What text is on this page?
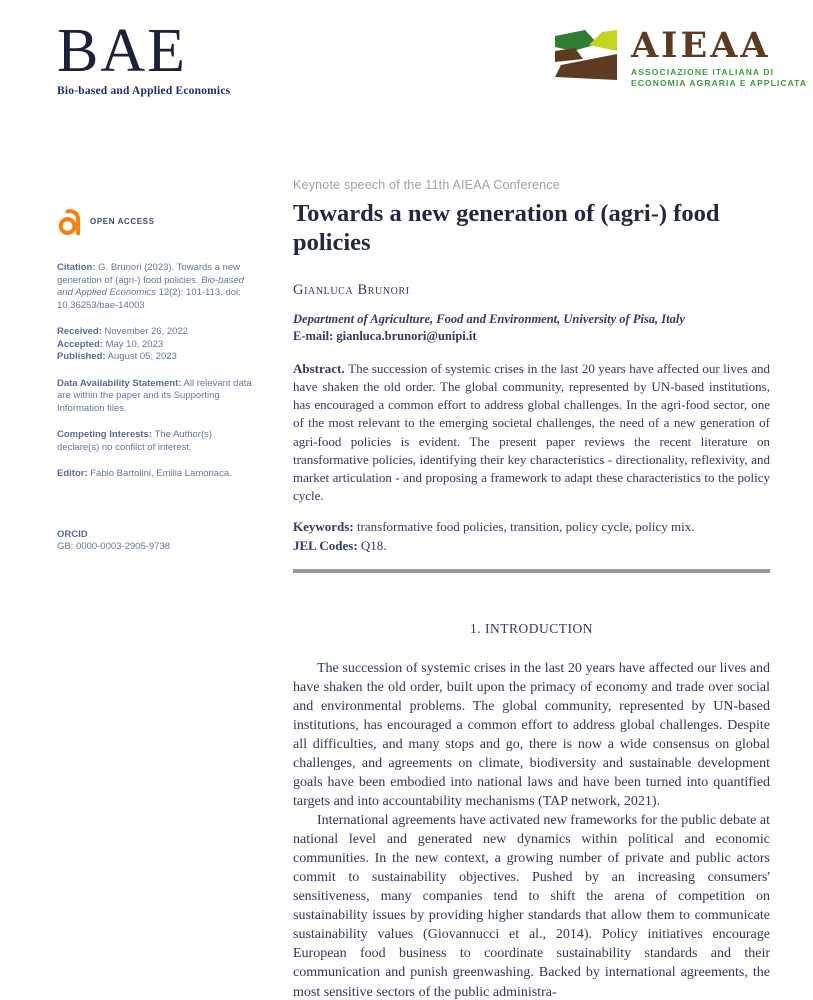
BAE
Bio-based and Applied Economics
AIEAA
ASSOCIAZIONE ITALIANA DI
ECONOMIA AGRARIA E APPLICATA
OPEN ACCESS

Citation: G. Brunori (2023). Towards a new generation of (agri-) food policies. Bio-based and Applied Economics 12(2): 101-113. doi: 10.36253/bae-14003

Received: November 26, 2022
Accepted: May 10, 2023
Published: August 05, 2023

Data Availability Statement: All relevant data are within the paper and its Supporting Information files.

Competing Interests: The Author(s) declare(s) no conflict of interest.

Editor: Fabio Bartolini, Emilia Lamonaca.

ORCID
GB: 0000-0003-2905-9738

Keynote speech of the 11th AIEAA Conference
Towards a new generation of (agri-) food policies
Gianluca Brunori
Department of Agriculture, Food and Environment, University of Pisa, Italy
E-mail: gianluca.brunori@unipi.it

Abstract. The succession of systemic crises in the last 20 years have affected our lives and have shaken the old order. The global community, represented by UN-based institutions, has encouraged a common effort to address global challenges. In the agri-food sector, one of the most relevant to the emerging societal challenges, the need of a new generation of agri-food policies is evident. The present paper reviews the recent literature on transformative policies, identifying their key characteristics - directionality, reflexivity, and market articulation - and proposing a framework to adapt these characteristics to the policy cycle.

Keywords: transformative food policies, transition, policy cycle, policy mix.
JEL Codes: Q18.

1. INTRODUCTION

The succession of systemic crises in the last 20 years have affected our lives and have shaken the old order, built upon the primacy of economy and trade over social and environmental problems. The global community, represented by UN-based institutions, has encouraged a common effort to address global challenges. Despite all difficulties, and many stops and go, there is now a wide consensus on global challenges, and agreements on climate, biodiversity and sustainable development goals have been embodied into national laws and have been turned into quantified targets and into accountability mechanisms (TAP network, 2021).

International agreements have activated new frameworks for the public debate at national level and generated new dynamics within political and economic communities. In the new context, a growing number of private and public actors commit to sustainability objectives. Pushed by an increasing consumers' sensitiveness, many companies tend to shift the arena of competition on sustainability issues by providing higher standards that allow them to communicate sustainability values (Giovannucci et al., 2014). Policy initiatives encourage European food business to coordinate sustainability standards and their communication and punish greenwashing. Backed by international agreements, the most sensitive sectors of the public administra-
